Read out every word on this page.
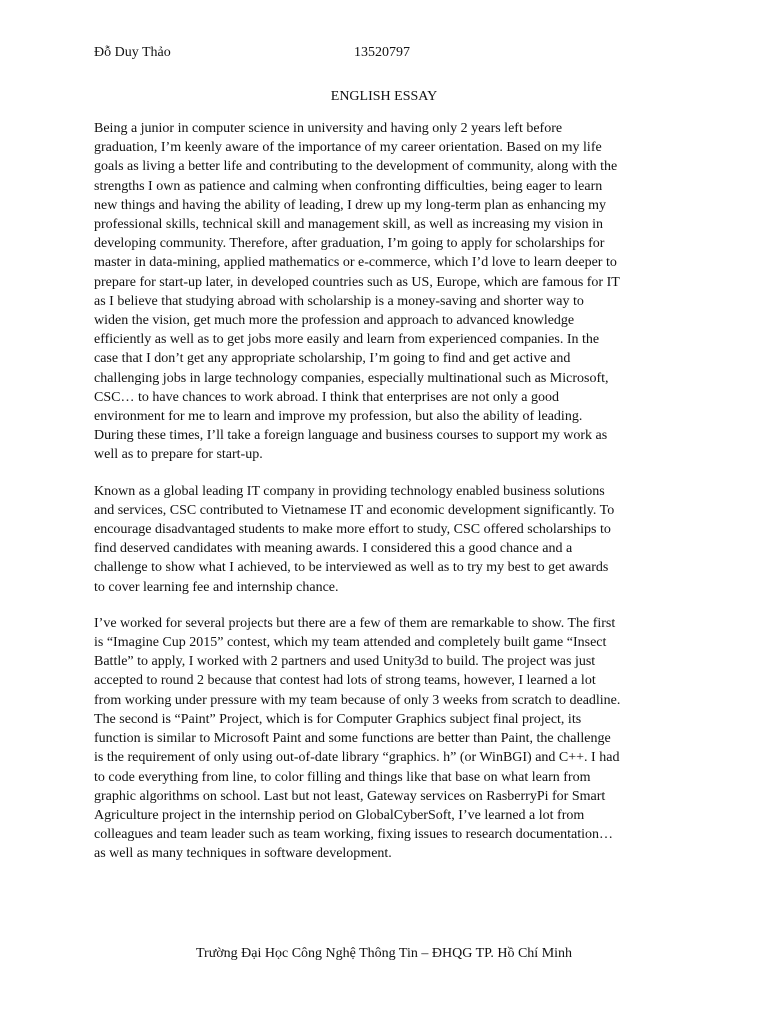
Đỗ Duy Thảo	13520797
ENGLISH ESSAY

Being a junior in computer science in university and having only 2 years left before
graduation, I’m keenly aware of the importance of my career orientation. Based on my life
goals as living a better life and contributing to the development of community, along with the
strengths I own as patience and calming when confronting difficulties, being eager to learn
new things and having the ability of leading, I drew up my long-term plan as enhancing my
professional skills, technical skill and management skill, as well as increasing my vision in
developing community. Therefore, after graduation, I’m going to apply for scholarships for
master in data-mining, applied mathematics or e-commerce, which I’d love to learn deeper to
prepare for start-up later, in developed countries such as US, Europe, which are famous for IT
as I believe that studying abroad with scholarship is a money-saving and shorter way to
widen the vision, get much more the profession and approach to advanced knowledge
efficiently as well as to get jobs more easily and learn from experienced companies. In the
case that I don’t get any appropriate scholarship, I’m going to find and get active and
challenging jobs in large technology companies, especially multinational such as Microsoft,
CSC… to have chances to work abroad. I think that enterprises are not only a good
environment for me to learn and improve my profession, but also the ability of leading.
During these times, I’ll take a foreign language and business courses to support my work as
well as to prepare for start-up.

Known as a global leading IT company in providing technology enabled business solutions
and services, CSC contributed to Vietnamese IT and economic development significantly. To
encourage disadvantaged students to make more effort to study, CSC offered scholarships to
find deserved candidates with meaning awards. I considered this a good chance and a
challenge to show what I achieved, to be interviewed as well as to try my best to get awards
to cover learning fee and internship chance.

I’ve worked for several projects but there are a few of them are remarkable to show. The first
is “Imagine Cup 2015” contest, which my team attended and completely built game “Insect
Battle” to apply, I worked with 2 partners and used Unity3d to build. The project was just
accepted to round 2 because that contest had lots of strong teams, however, I learned a lot
from working under pressure with my team because of only 3 weeks from scratch to deadline.
The second is “Paint” Project, which is for Computer Graphics subject final project, its
function is similar to Microsoft Paint and some functions are better than Paint, the challenge
is the requirement of only using out-of-date library “graphics. h” (or WinBGI) and C++. I had
to code everything from line, to color filling and things like that base on what learn from
graphic algorithms on school. Last but not least, Gateway services on RasberryPi for Smart
Agriculture project in the internship period on GlobalCyberSoft, I’ve learned a lot from
colleagues and team leader such as team working, fixing issues to research documentation…
as well as many techniques in software development.

Trường Đại Học Công Nghệ Thông Tin – ĐHQG TP. Hồ Chí Minh
